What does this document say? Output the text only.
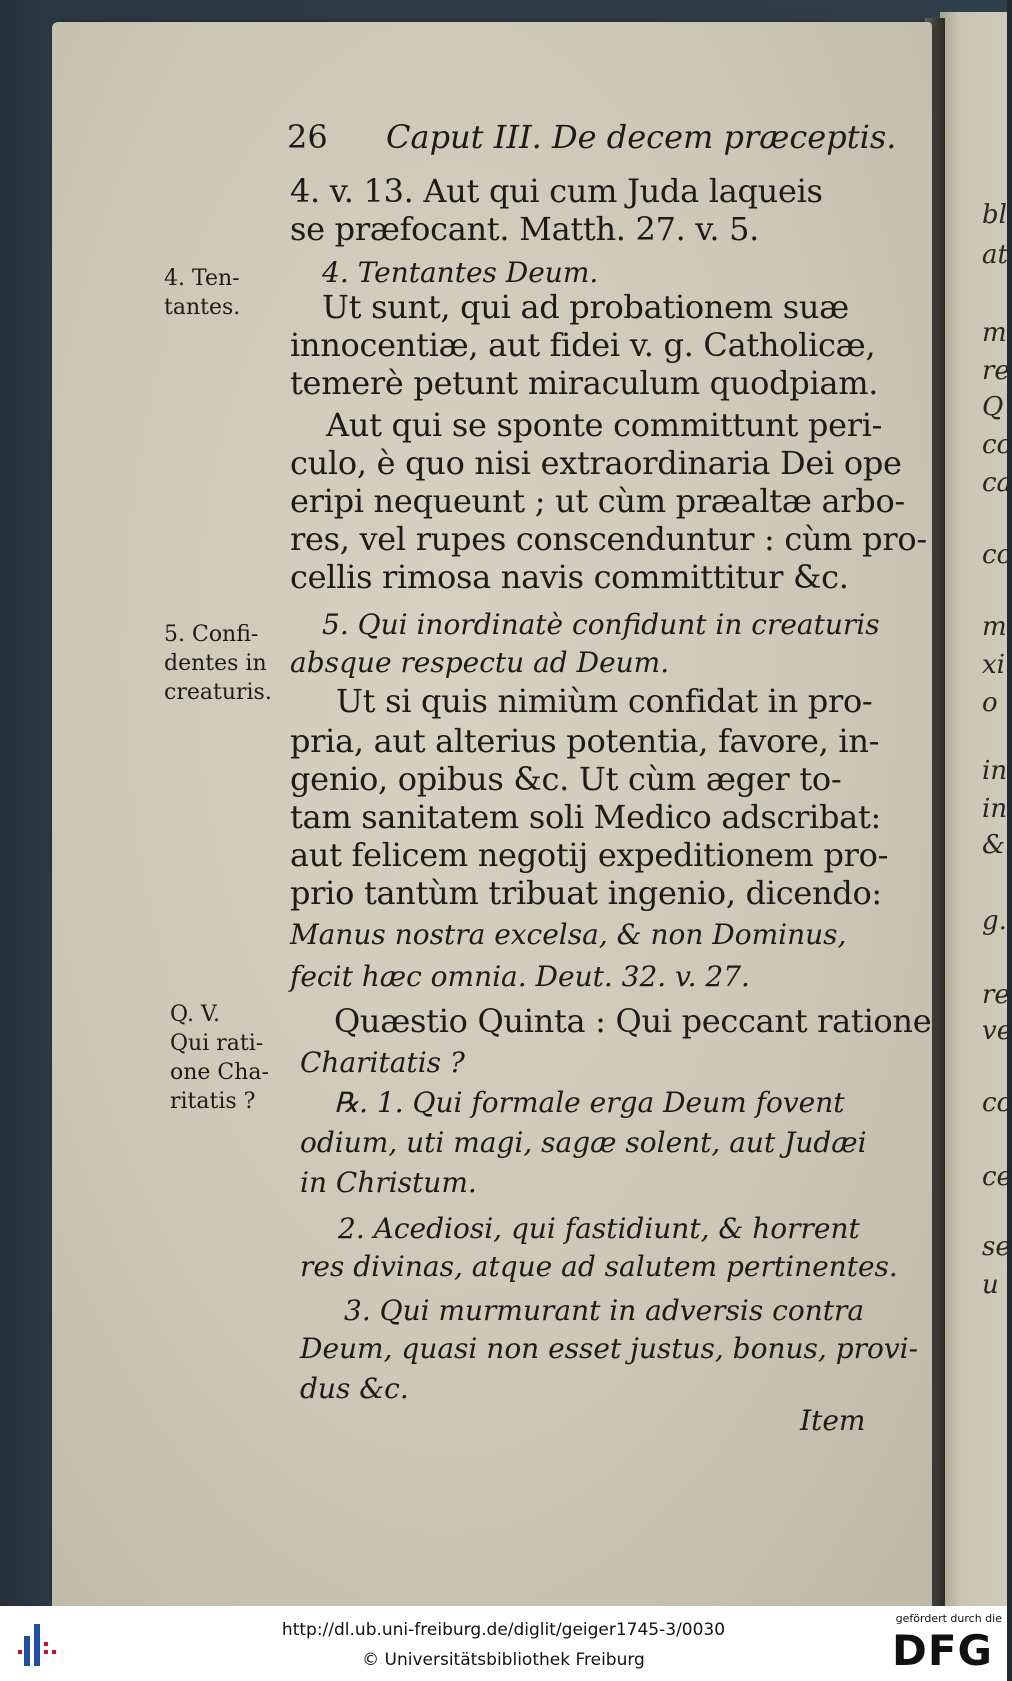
bl
at
m
re
Q
cc
ca
cc
m
xi
o
in
in
&
g.
re
ve
cc
ce
se
u
26 Caput III. De decem præceptis.
4. v. 13. Aut qui cum Juda laqueis
se præfocant. Matth. 27. v. 5.
4. Tentantes Deum.
Ut sunt, qui ad probationem suæ
innocentiæ, aut fidei v. g. Catholicæ,
temerè petunt miraculum quodpiam.
Aut qui se sponte committunt peri-
culo, è quo nisi extraordinaria Dei ope
eripi nequeunt ; ut cùm præaltæ arbo-
res, vel rupes conscenduntur : cùm pro-
cellis rimosa navis committitur &c.
5. Qui inordinatè confidunt in creaturis
absque respectu ad Deum.
Ut si quis nimiùm confidat in pro-
pria, aut alterius potentia, favore, in-
genio, opibus &c. Ut cùm æger to-
tam sanitatem soli Medico adscribat:
aut felicem negotij expeditionem pro-
prio tantùm tribuat ingenio, dicendo:
Manus nostra excelsa, & non Dominus,
fecit hæc omnia. Deut. 32. v. 27.
Quæstio Quinta : Qui peccant ratione
Charitatis ?
℞. 1. Qui formale erga Deum fovent
odium, uti magi, sagæ solent, aut Judæi
in Christum.
2. Acediosi, qui fastidiunt, & horrent
res divinas, atque ad salutem pertinentes.
3. Qui murmurant in adversis contra
Deum, quasi non esset justus, bonus, provi-
dus &c.
Item
4. Ten-
tantes.
5. Confi-
dentes in
creaturis.
Q. V.
Qui rati-
one Cha-
ritatis ?
http://dl.ub.uni-freiburg.de/diglit/geiger1745-3/0030
© Universitätsbibliothek Freiburg
gefördert durch die
DFG
